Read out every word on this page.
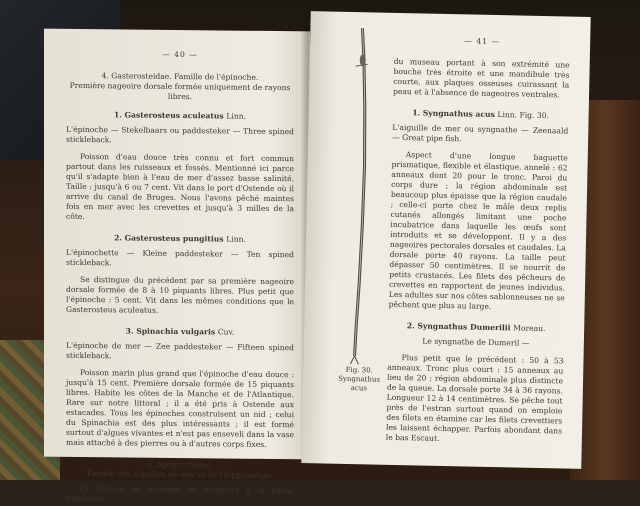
— 40 —
4. Gasterosteidae. Famille de l'épinoche.
Première nageoire dorsale formée uniquement de rayons libres.
1. Gasterosteus aculeatus Linn.

L'épinoche — Stekelbaars ou paddesteker — Three spined stickleback.

Poisson d'eau douce très connu et fort commun partout dans les ruisseaux et fossés. Mentionné ici parce qu'il s'adapte bien à l'eau de mer d'assez basse salinité. Taille : jusqu'à 6 ou 7 cent. Vit dans le port d'Ostende où il arrive du canal de Bruges. Nous l'avons pêché maintes fois en mer avec les crevettes et jusqu'à 3 milles de la côte.

2. Gasterosteus pungitius Linn.

L'épinochette — Kleine paddesteker — Ten spined stickleback.

Se distingue du précédent par sa première nageoire dorsale formée de 8 à 10 piquants libres. Plus petit que l'épinoche : 5 cent. Vit dans les mêmes conditions que le Gasterosteus aculeatus.

3. Spinachia vulgaris Cuv.

L'épinoche de mer — Zee paddesteker — Fifteen spined stickleback.

Poisson marin plus grand que l'épinoche d'eau douce : jusqu'à 15 cent. Première dorsale formée de 15 piquants libres. Habite les côtes de la Manche et de l'Atlantique. Rare sur notre littoral ; il a été pris à Ostende aux estacades. Tous les épinoches construisent un nid ; celui du Spinachia est des plus intéressants ; il est formé surtout d'algues vivantes et n'est pas enseveli dans la vase mais attaché à des pierres ou à d'autres corps fixes.

5. Syngnathidae.
Famille des aiguilles de mer et de l'hippocampe.

Ce groupe de poissons se reconnaît à la forme tubuleuse

Fig. 30. Syngnathus acus
— 41 —

du museau portant à son extrémité une bouche très étroite et une mandibule très courte, aux plaques osseuses cuirassant la peau et à l'absence de nageoires ventrales.

1. Syngnathus acus Linn. Fig. 30.

L'aiguille de mer ou syngnathe — Zeenaald — Great pipe fish.

Aspect d'une longue baguette prismatique, flexible et élastique, annelé : 62 anneaux dont 20 pour le tronc. Paroi du corps dure ; la région abdominale est beaucoup plus épaisse que la région caudale ; celle-ci porte chez le mâle deux replis cutanés allongés limitant une poche incubatrice dans laquelle les œufs sont introduits et se développent. Il y a des nageoires pectorales dorsales et caudales. La dorsale porte 40 rayons. La taille peut dépasser 50 centimètres. Il se nourrit de petits crustacés. Les filets des pêcheurs de crevettes en rapportent de jeunes individus. Les adultes sur nos côtes sablonneuses ne se pêchent que plus au large.

2. Syngnathus Dumerilii Moreau.

Le syngnathe de Dumeril —

Plus petit que le précédent : 50 à 53 anneaux. Tronc plus court : 15 anneaux au lieu de 20 ; région abdominale plus distincte de la queue. La dorsale porte 34 à 36 rayons. Longueur 12 à 14 centimètres. Se pêche tout près de l'estran surtout quand on emploie des filets en étamine car les filets crevettiers les laissent échapper. Parfois abondant dans le bas Escaut.
